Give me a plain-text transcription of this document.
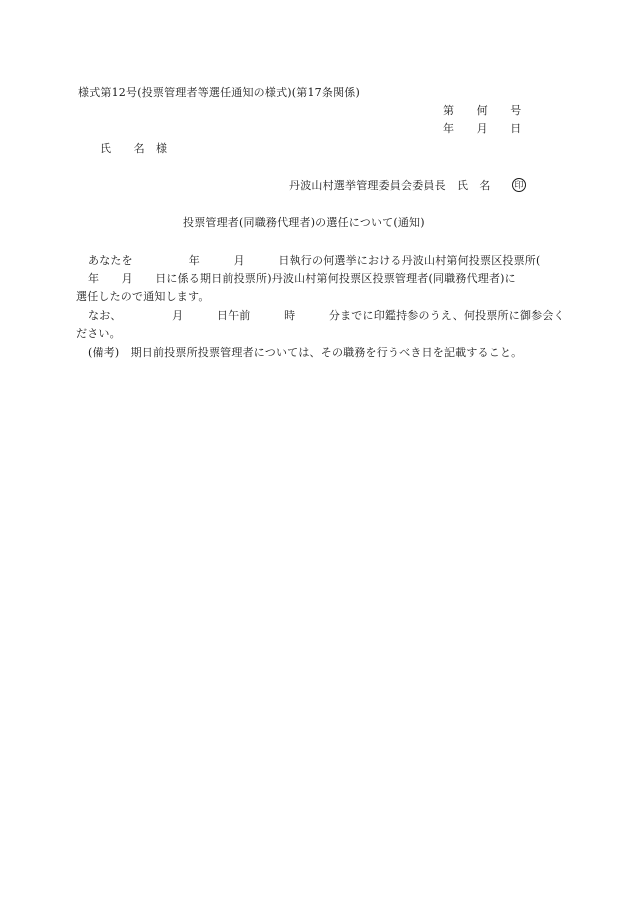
様式第12号(投票管理者等選任通知の様式)(第17条関係)
第　　何　　号
年　　月　　日
氏　　名　様
丹波山村選挙管理委員会委員長　氏　名	印
投票管理者(同職務代理者)の選任について(通知)
あなたを　　　　　年　　　月　　　日執行の何選挙における丹波山村第何投票区投票所(
年　　月　　日に係る期日前投票所)丹波山村第何投票区投票管理者(同職務代理者)に
選任したので通知します。
なお、　　　　　月　　　日午前　　　時　　　分までに印鑑持参のうえ、何投票所に御参会く
ださい。
(備考)　期日前投票所投票管理者については、その職務を行うべき日を記載すること。
